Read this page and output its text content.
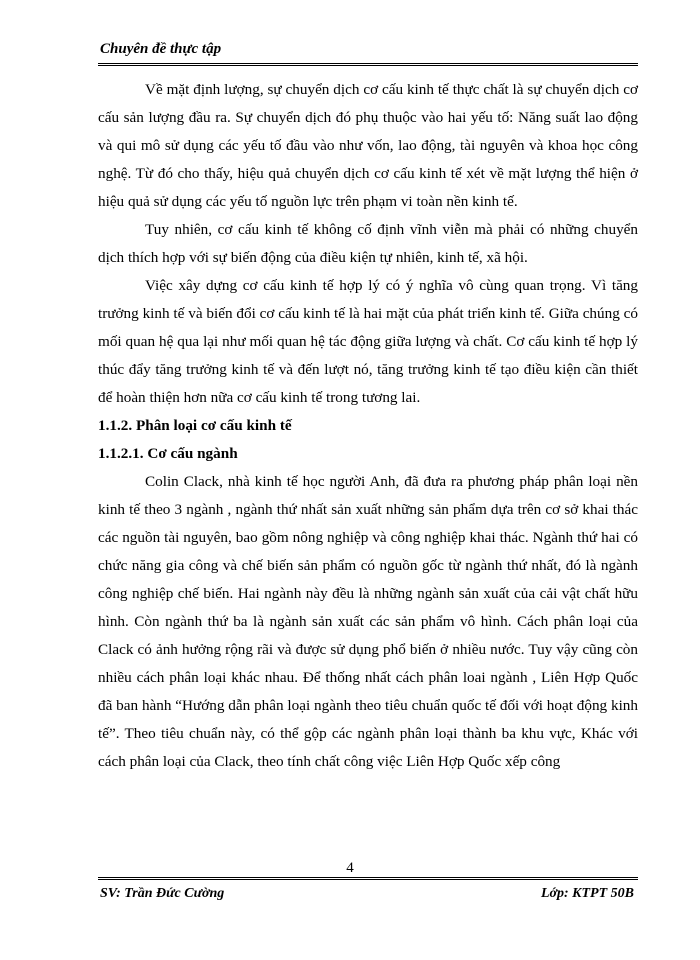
Chuyên đề thực tập

Về mặt định lượng, sự chuyển dịch cơ cấu kinh tế thực chất là sự chuyển dịch cơ cấu sản lượng đầu ra. Sự chuyển dịch đó phụ thuộc vào hai yếu tố: Năng suất lao động và qui mô sử dụng các yếu tố đầu vào như vốn, lao động, tài nguyên và khoa học công nghệ. Từ đó cho thấy, hiệu quả chuyển dịch cơ cấu kinh tế xét về mặt lượng thể hiện ở hiệu quả sử dụng các yếu tố nguồn lực trên phạm vi toàn nền kinh tế.

Tuy nhiên, cơ cấu kinh tế không cố định vĩnh viễn mà phải có những chuyển dịch thích hợp với sự biến động của điều kiện tự nhiên, kinh tế, xã hội.

Việc xây dựng cơ cấu kinh tế hợp lý có ý nghĩa vô cùng quan trọng. Vì tăng trưởng kinh tế và biến đổi cơ cấu kinh tế là hai mặt của phát triển kinh tế. Giữa chúng có mối quan hệ qua lại như mối quan hệ tác động giữa lượng và chất. Cơ cấu kinh tế hợp lý thúc đẩy tăng trưởng kinh tế và đến lượt nó, tăng trưởng kinh tế tạo điều kiện cần thiết để hoàn thiện hơn nữa cơ cấu kinh tế trong tương lai.

1.1.2. Phân loại cơ cấu kinh tế

1.1.2.1. Cơ cấu ngành

Colin Clack, nhà kinh tế học người Anh, đã đưa ra phương pháp phân loại nền kinh tế theo 3 ngành , ngành thứ nhất sản xuất những sản phẩm dựa trên cơ sở khai thác các nguồn tài nguyên, bao gồm nông nghiệp và công nghiệp khai thác. Ngành thứ hai có chức năng gia công và chế biến sản phẩm có nguồn gốc từ ngành thứ nhất, đó là ngành công nghiệp chế biến. Hai ngành này đều là những ngành sản xuất của cải vật chất hữu hình. Còn ngành thứ ba là ngành sản xuất các sản phẩm vô hình. Cách phân loại của Clack có ảnh hưởng rộng rãi và được sử dụng phổ biến ở nhiều nước. Tuy vậy cũng còn nhiều cách phân loại khác nhau. Để thống nhất cách phân loai ngành , Liên Hợp Quốc đã ban hành “Hướng dẫn phân loại ngành theo tiêu chuẩn quốc tế đối với hoạt động kinh tế”. Theo tiêu chuẩn này, có thể gộp các ngành phân loại thành ba khu vực, Khác với cách phân loại của Clack, theo tính chất công việc Liên Hợp Quốc xếp công

4
SV: Trần Đức Cường	Lớp: KTPT 50B
